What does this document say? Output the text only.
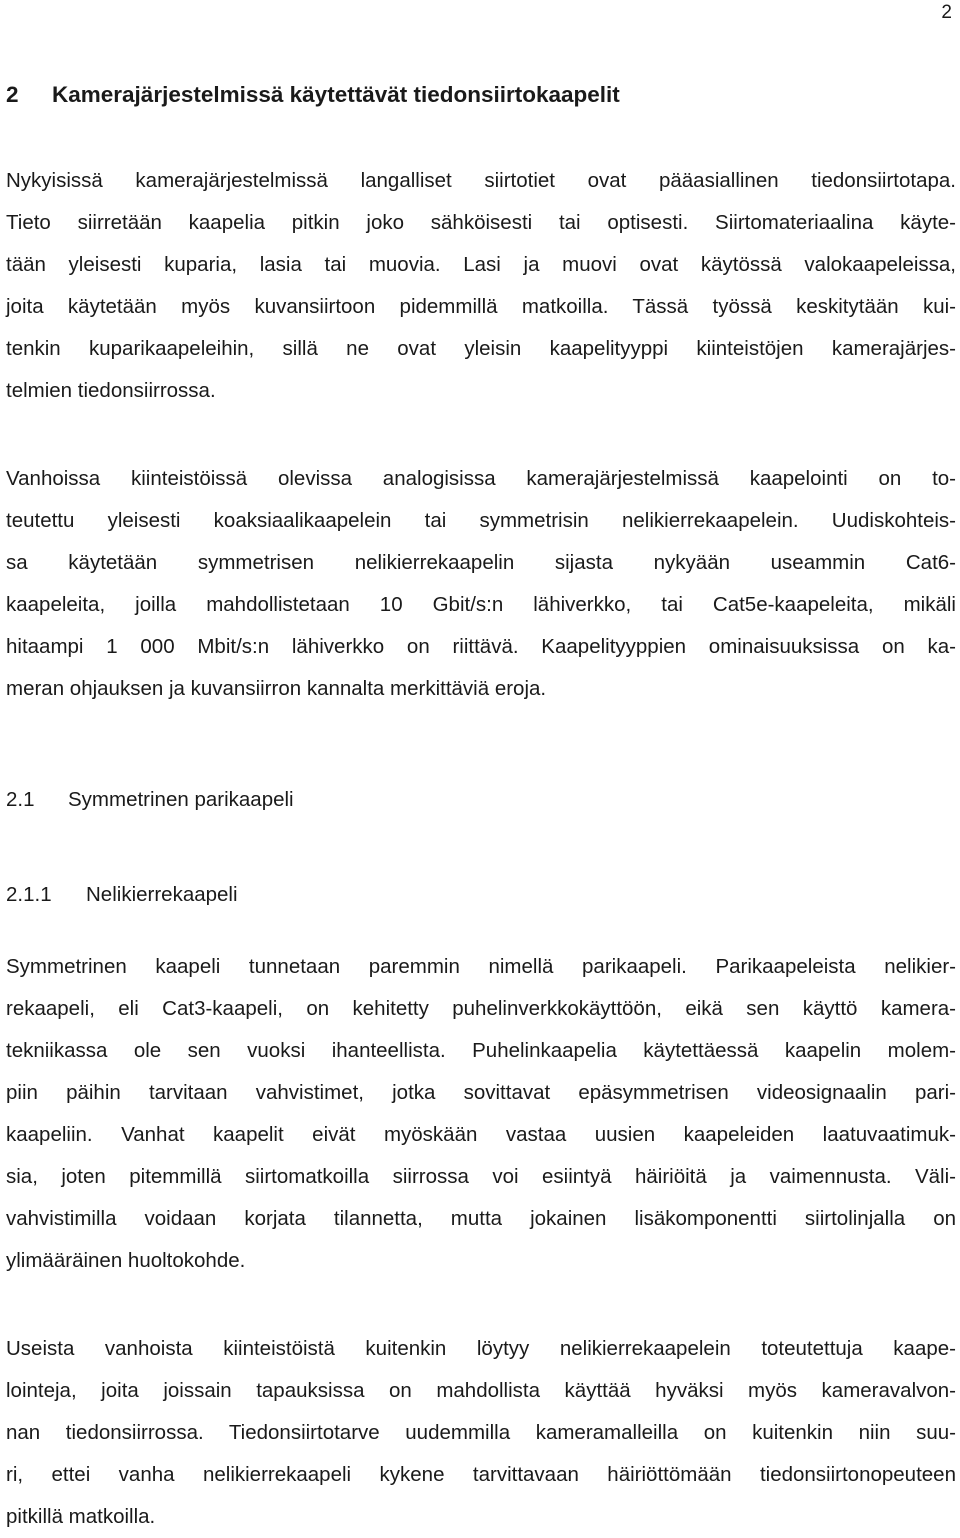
2
2 Kamerajärjestelmissä käytettävät tiedonsiirtokaapelit

Nykyisissä kamerajärjestelmissä langalliset siirtotiet ovat pääasiallinen tiedonsiirtotapa.
Tieto siirretään kaapelia pitkin joko sähköisesti tai optisesti. Siirtomateriaalina käyte-
tään yleisesti kuparia, lasia tai muovia. Lasi ja muovi ovat käytössä valokaapeleissa,
joita käytetään myös kuvansiirtoon pidemmillä matkoilla. Tässä työssä keskitytään kui-
tenkin kuparikaapeleihin, sillä ne ovat yleisin kaapelityyppi kiinteistöjen kamerajärjes-
telmien tiedonsiirrossa.

Vanhoissa kiinteistöissä olevissa analogisissa kamerajärjestelmissä kaapelointi on to-
teutettu yleisesti koaksiaalikaapelein tai symmetrisin nelikierrekaapelein. Uudiskohteis-
sa käytetään symmetrisen nelikierrekaapelin sijasta nykyään useammin Cat6-
kaapeleita, joilla mahdollistetaan 10 Gbit/s:n lähiverkko, tai Cat5e-kaapeleita, mikäli
hitaampi 1 000 Mbit/s:n lähiverkko on riittävä. Kaapelityyppien ominaisuuksissa on ka-
meran ohjauksen ja kuvansiirron kannalta merkittäviä eroja.

2.1 Symmetrinen parikaapeli
2.1.1 Nelikierrekaapeli

Symmetrinen kaapeli tunnetaan paremmin nimellä parikaapeli. Parikaapeleista nelikier-
rekaapeli, eli Cat3-kaapeli, on kehitetty puhelinverkkokäyttöön, eikä sen käyttö kamera-
tekniikassa ole sen vuoksi ihanteellista. Puhelinkaapelia käytettäessä kaapelin molem-
piin päihin tarvitaan vahvistimet, jotka sovittavat epäsymmetrisen videosignaalin pari-
kaapeliin. Vanhat kaapelit eivät myöskään vastaa uusien kaapeleiden laatuvaatimuk-
sia, joten pitemmillä siirtomatkoilla siirrossa voi esiintyä häiriöitä ja vaimennusta. Väli-
vahvistimilla voidaan korjata tilannetta, mutta jokainen lisäkomponentti siirtolinjalla on
ylimääräinen huoltokohde.

Useista vanhoista kiinteistöistä kuitenkin löytyy nelikierrekaapelein toteutettuja kaape-
lointeja, joita joissain tapauksissa on mahdollista käyttää hyväksi myös kameravalvon-
nan tiedonsiirrossa. Tiedonsiirtotarve uudemmilla kameramalleilla on kuitenkin niin suu-
ri, ettei vanha nelikierrekaapeli kykene tarvittavaan häiriöttömään tiedonsiirtonopeuteen
pitkillä matkoilla.
